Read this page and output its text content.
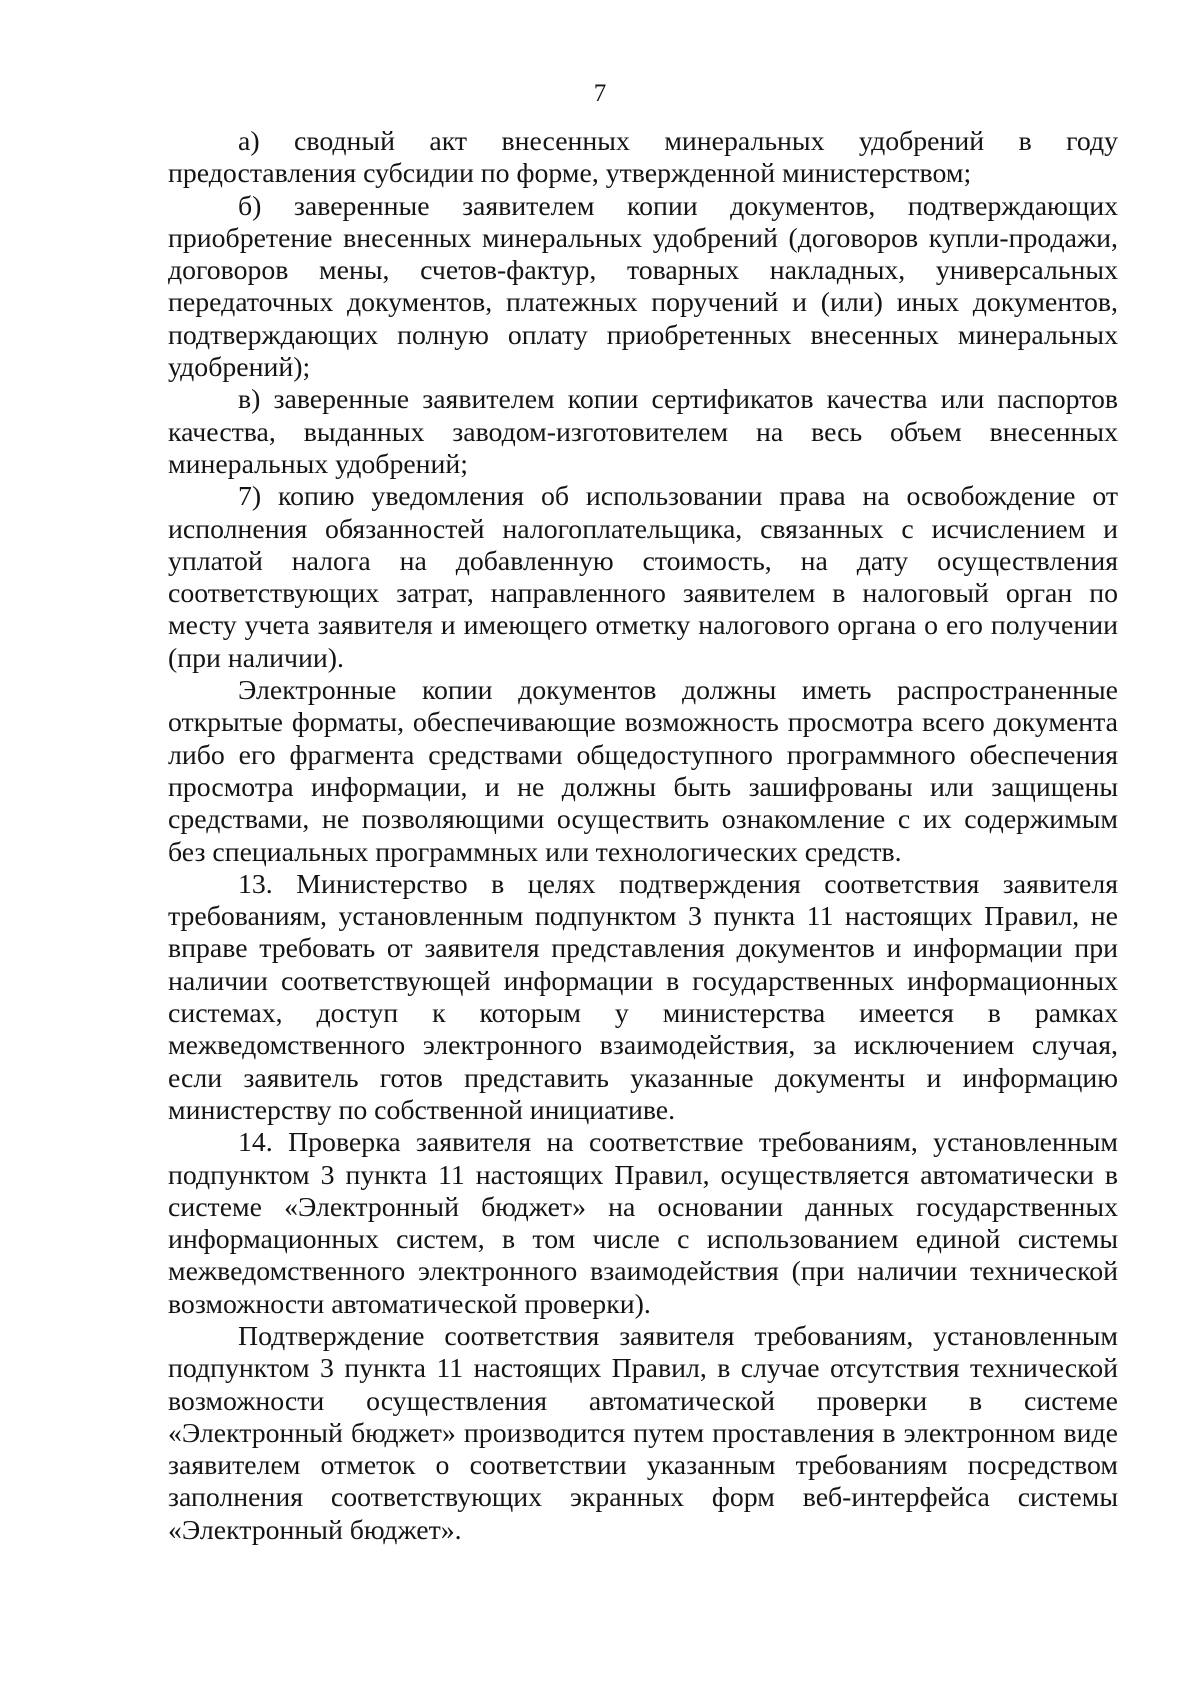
7

а) сводный акт внесенных минеральных удобрений в году предоставления субсидии по форме, утвержденной министерством;

б) заверенные заявителем копии документов, подтверждающих приобретение внесенных минеральных удобрений (договоров купли-продажи, договоров мены, счетов-фактур, товарных накладных, универсальных передаточных документов, платежных поручений и (или) иных документов, подтверждающих полную оплату приобретенных внесенных минеральных удобрений);

в) заверенные заявителем копии сертификатов качества или паспортов качества, выданных заводом-изготовителем на весь объем внесенных минеральных удобрений;

7) копию уведомления об использовании права на освобождение от исполнения обязанностей налогоплательщика, связанных с исчислением и уплатой налога на добавленную стоимость, на дату осуществления соответствующих затрат, направленного заявителем в налоговый орган по месту учета заявителя и имеющего отметку налогового органа о его получении (при наличии).

Электронные копии документов должны иметь распространенные открытые форматы, обеспечивающие возможность просмотра всего документа либо его фрагмента средствами общедоступного программного обеспечения просмотра информации, и не должны быть зашифрованы или защищены средствами, не позволяющими осуществить ознакомление с их содержимым без специальных программных или технологических средств.

13. Министерство в целях подтверждения соответствия заявителя требованиям, установленным подпунктом 3 пункта 11 настоящих Правил, не вправе требовать от заявителя представления документов и информации при наличии соответствующей информации в государственных информационных системах, доступ к которым у министерства имеется в рамках межведомственного электронного взаимодействия, за исключением случая, если заявитель готов представить указанные документы и информацию министерству по собственной инициативе.

14. Проверка заявителя на соответствие требованиям, установленным подпунктом 3 пункта 11 настоящих Правил, осуществляется автоматически в системе «Электронный бюджет» на основании данных государственных информационных систем, в том числе с использованием единой системы межведомственного электронного взаимодействия (при наличии технической возможности автоматической проверки).

Подтверждение соответствия заявителя требованиям, установленным подпунктом 3 пункта 11 настоящих Правил, в случае отсутствия технической возможности осуществления автоматической проверки в системе «Электронный бюджет» производится путем проставления в электронном виде заявителем отметок о соответствии указанным требованиям посредством заполнения соответствующих экранных форм веб-интерфейса системы «Электронный бюджет».
